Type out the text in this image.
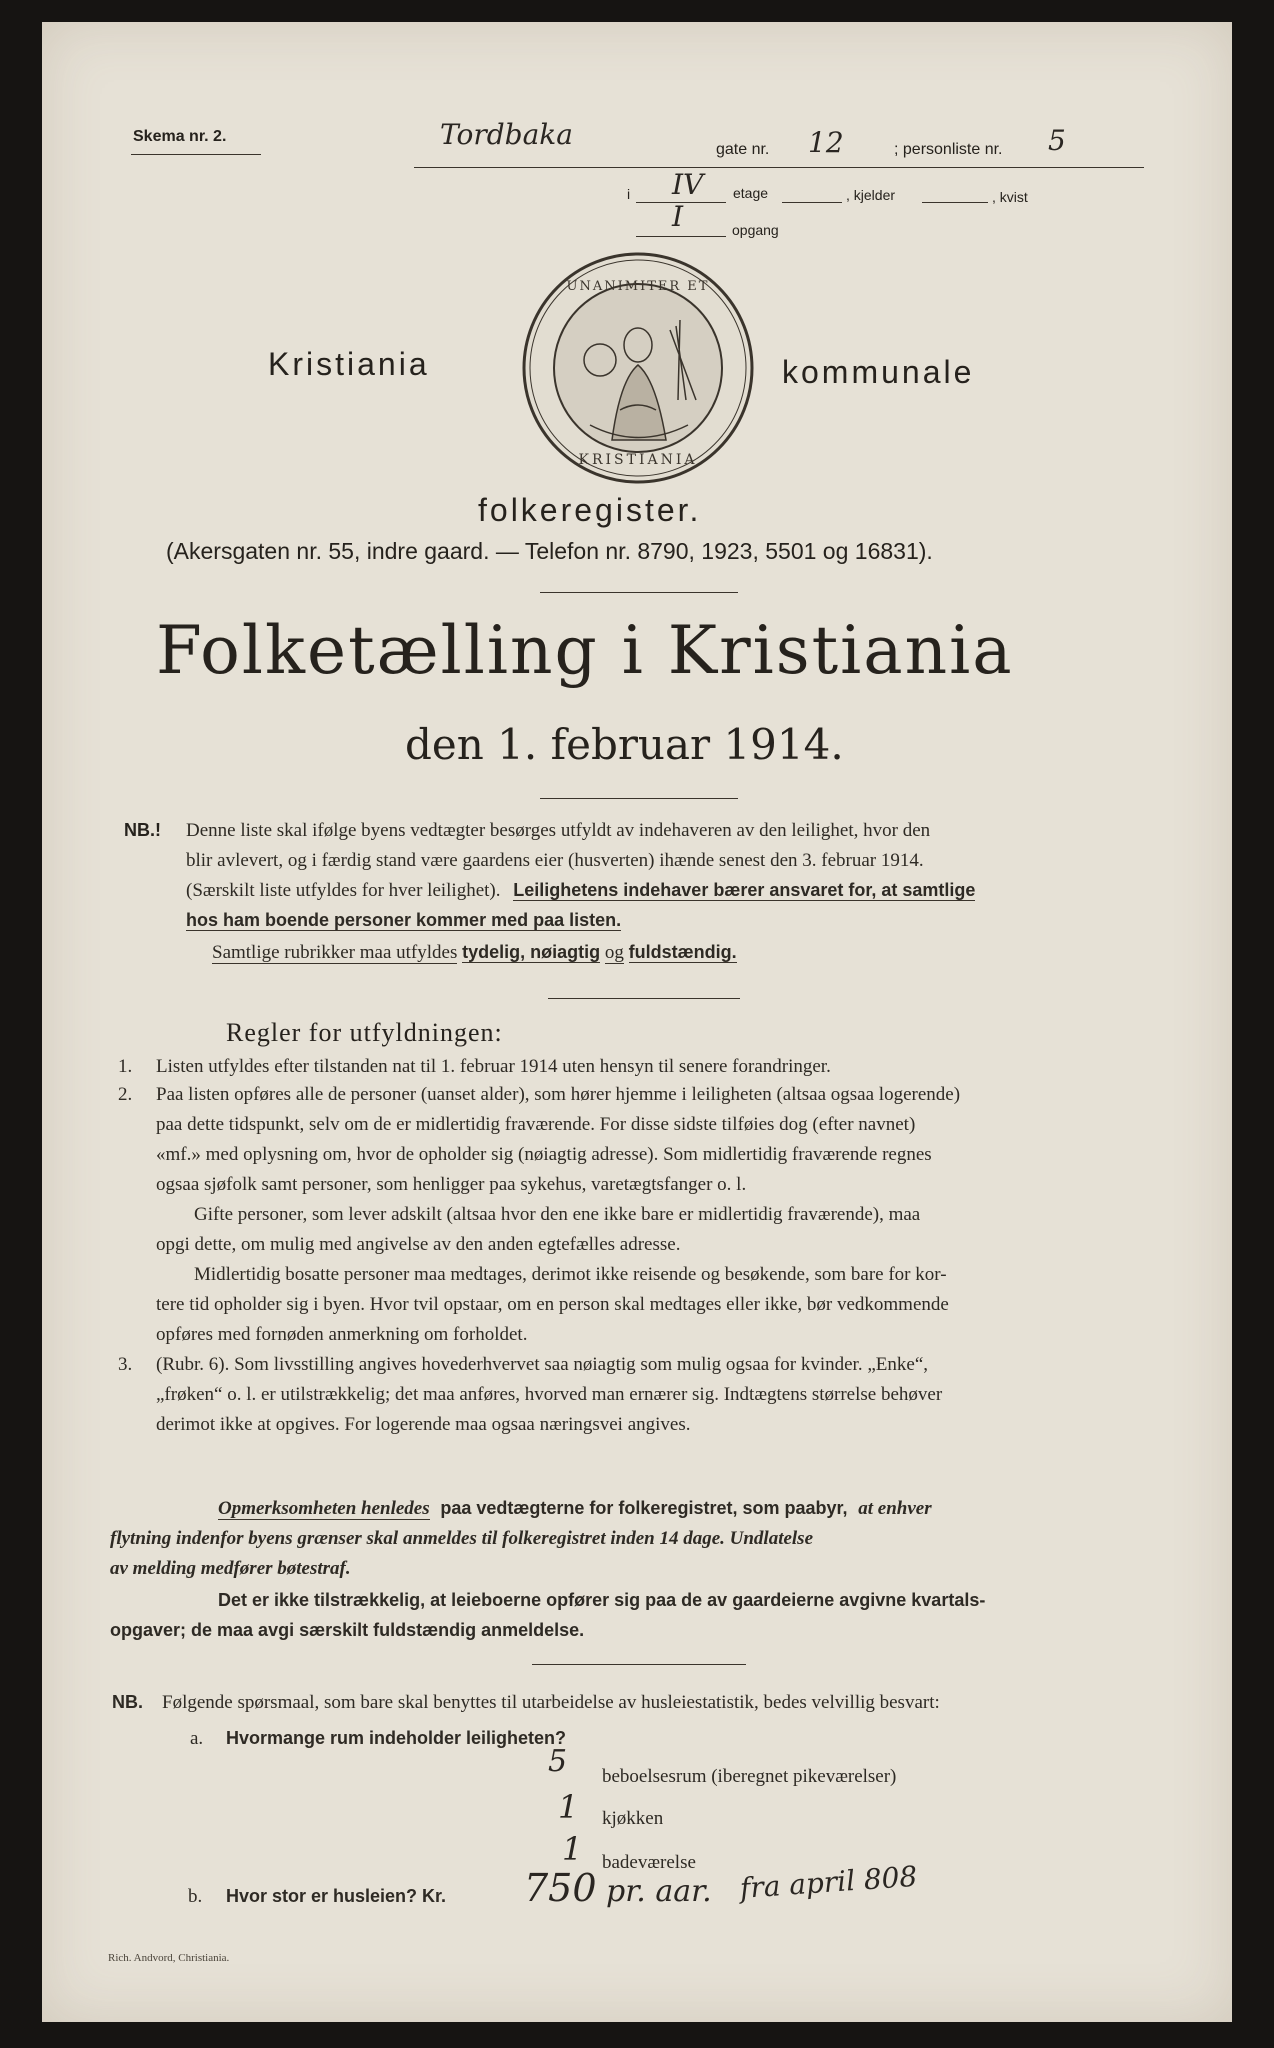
Skema nr. 2.	Tordbaka	gate nr. 12	; personliste nr. 5
i IV etage	, kjelder	, kvist
I	opgang
UNANIMITER ET
KRISTIANIA
Kristiania	kommunale
folkeregister.
(Akersgaten nr. 55, indre gaard. — Telefon nr. 8790, 1923, 5501 og 16831).
Folketælling i Kristiania
den 1. februar 1914.
NB.! Denne liste skal ifølge byens vedtægter besørges utfyldt av indehaveren av den leilighet, hvor den
blir avlevert, og i færdig stand være gaardens eier (husverten) ihænde senest den 3. februar 1914.
(Særskilt liste utfyldes for hver leilighet). Leilighetens indehaver bærer ansvaret for, at samtlige
hos ham boende personer kommer med paa listen.
Samtlige rubrikker maa utfyldes tydelig, nøiagtig og fuldstændig.
Regler for utfyldningen:
1. Listen utfyldes efter tilstanden nat til 1. februar 1914 uten hensyn til senere forandringer.
2. Paa listen opføres alle de personer (uanset alder), som hører hjemme i leiligheten (altsaa ogsaa logerende)
paa dette tidspunkt, selv om de er midlertidig fraværende. For disse sidste tilføies dog (efter navnet)
«mf.» med oplysning om, hvor de opholder sig (nøiagtig adresse). Som midlertidig fraværende regnes
ogsaa sjøfolk samt personer, som henligger paa sykehus, varetægtsfanger o. l.
Gifte personer, som lever adskilt (altsaa hvor den ene ikke bare er midlertidig fraværende), maa
opgi dette, om mulig med angivelse av den anden egtefælles adresse.
Midlertidig bosatte personer maa medtages, derimot ikke reisende og besøkende, som bare for kor-
tere tid opholder sig i byen. Hvor tvil opstaar, om en person skal medtages eller ikke, bør vedkommende
opføres med fornøden anmerkning om forholdet.
3. (Rubr. 6). Som livsstilling angives hovederhvervet saa nøiagtig som mulig ogsaa for kvinder. „Enke“,
„frøken“ o. l. er utilstrækkelig; det maa anføres, hvorved man ernærer sig. Indtægtens størrelse behøver
derimot ikke at opgives. For logerende maa ogsaa næringsvei angives.
Opmerksomheten henledes paa vedtægterne for folkeregistret, som paabyr, at enhver
flytning indenfor byens grænser skal anmeldes til folkeregistret inden 14 dage. Undlatelse
av melding medfører bøtestraf.
Det er ikke tilstrækkelig, at leieboerne opfører sig paa de av gaardeierne avgivne kvartals-
opgaver; de maa avgi særskilt fuldstændig anmeldelse.
NB. Følgende spørsmaal, som bare skal benyttes til utarbeidelse av husleiestatistik, bedes velvillig besvart:
a. Hvormange rum indeholder leiligheten?
5 beboelsesrum (iberegnet pikeværelser)
1 kjøkken
1 badeværelse
b. Hvor stor er husleien? Kr. 750 pr. aar. fra april 808
Rich. Andvord, Christiania.
